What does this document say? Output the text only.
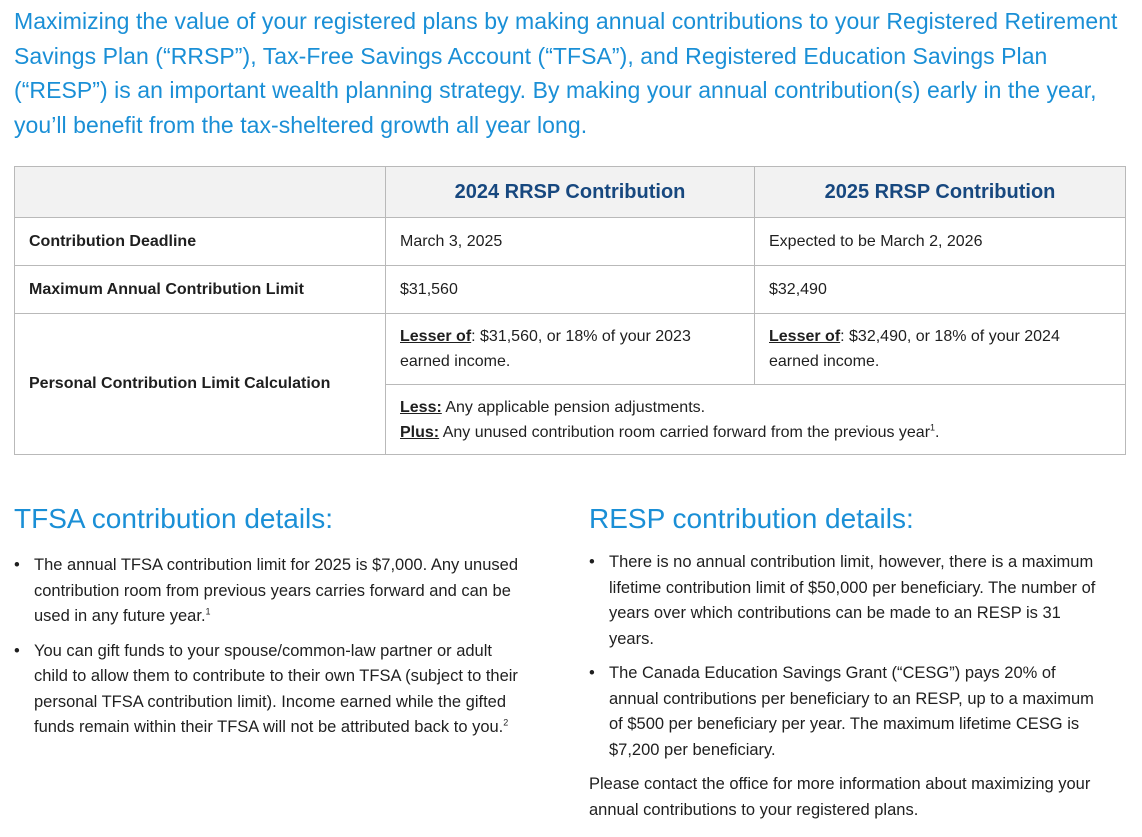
Maximizing the value of your registered plans by making annual contributions to your Registered Retirement Savings Plan (“RRSP”), Tax-Free Savings Account (“TFSA”), and Registered Education Savings Plan (“RESP”) is an important wealth planning strategy. By making your annual contribution(s) early in the year, you’ll benefit from the tax-sheltered growth all year long.

	2024 RRSP Contribution	2025 RRSP Contribution
Contribution Deadline	March 3, 2025	Expected to be March 2, 2026
Maximum Annual Contribution Limit	$31,560	$32,490
Personal Contribution Limit Calculation	Lesser of: $31,560, or 18% of your 2023 earned income.	Lesser of: $32,490, or 18% of your 2024 earned income.

	Less: Any applicable pension adjustments.
Plus: Any unused contribution room carried forward from the previous year$^1$.	
TFSA contribution details:
• The annual TFSA contribution limit for 2025 is $7,000. Any unused contribution room from previous years carries forward and can be used in any future year.$^1$
• You can gift funds to your spouse/common-law partner or adult child to allow them to contribute to their own TFSA (subject to their personal TFSA contribution limit). Income earned while the gifted funds remain within their TFSA will not be attributed back to you.$^2$
RESP contribution details:
• There is no annual contribution limit, however, there is a maximum lifetime contribution limit of $50,000 per beneficiary. The number of years over which contributions can be made to an RESP is 31 years.
• The Canada Education Savings Grant (“CESG”) pays 20% of annual contributions per beneficiary to an RESP, up to a maximum of $500 per beneficiary per year. The maximum lifetime CESG is $7,200 per beneficiary.

Please contact the office for more information about maximizing your annual contributions to your registered plans.
